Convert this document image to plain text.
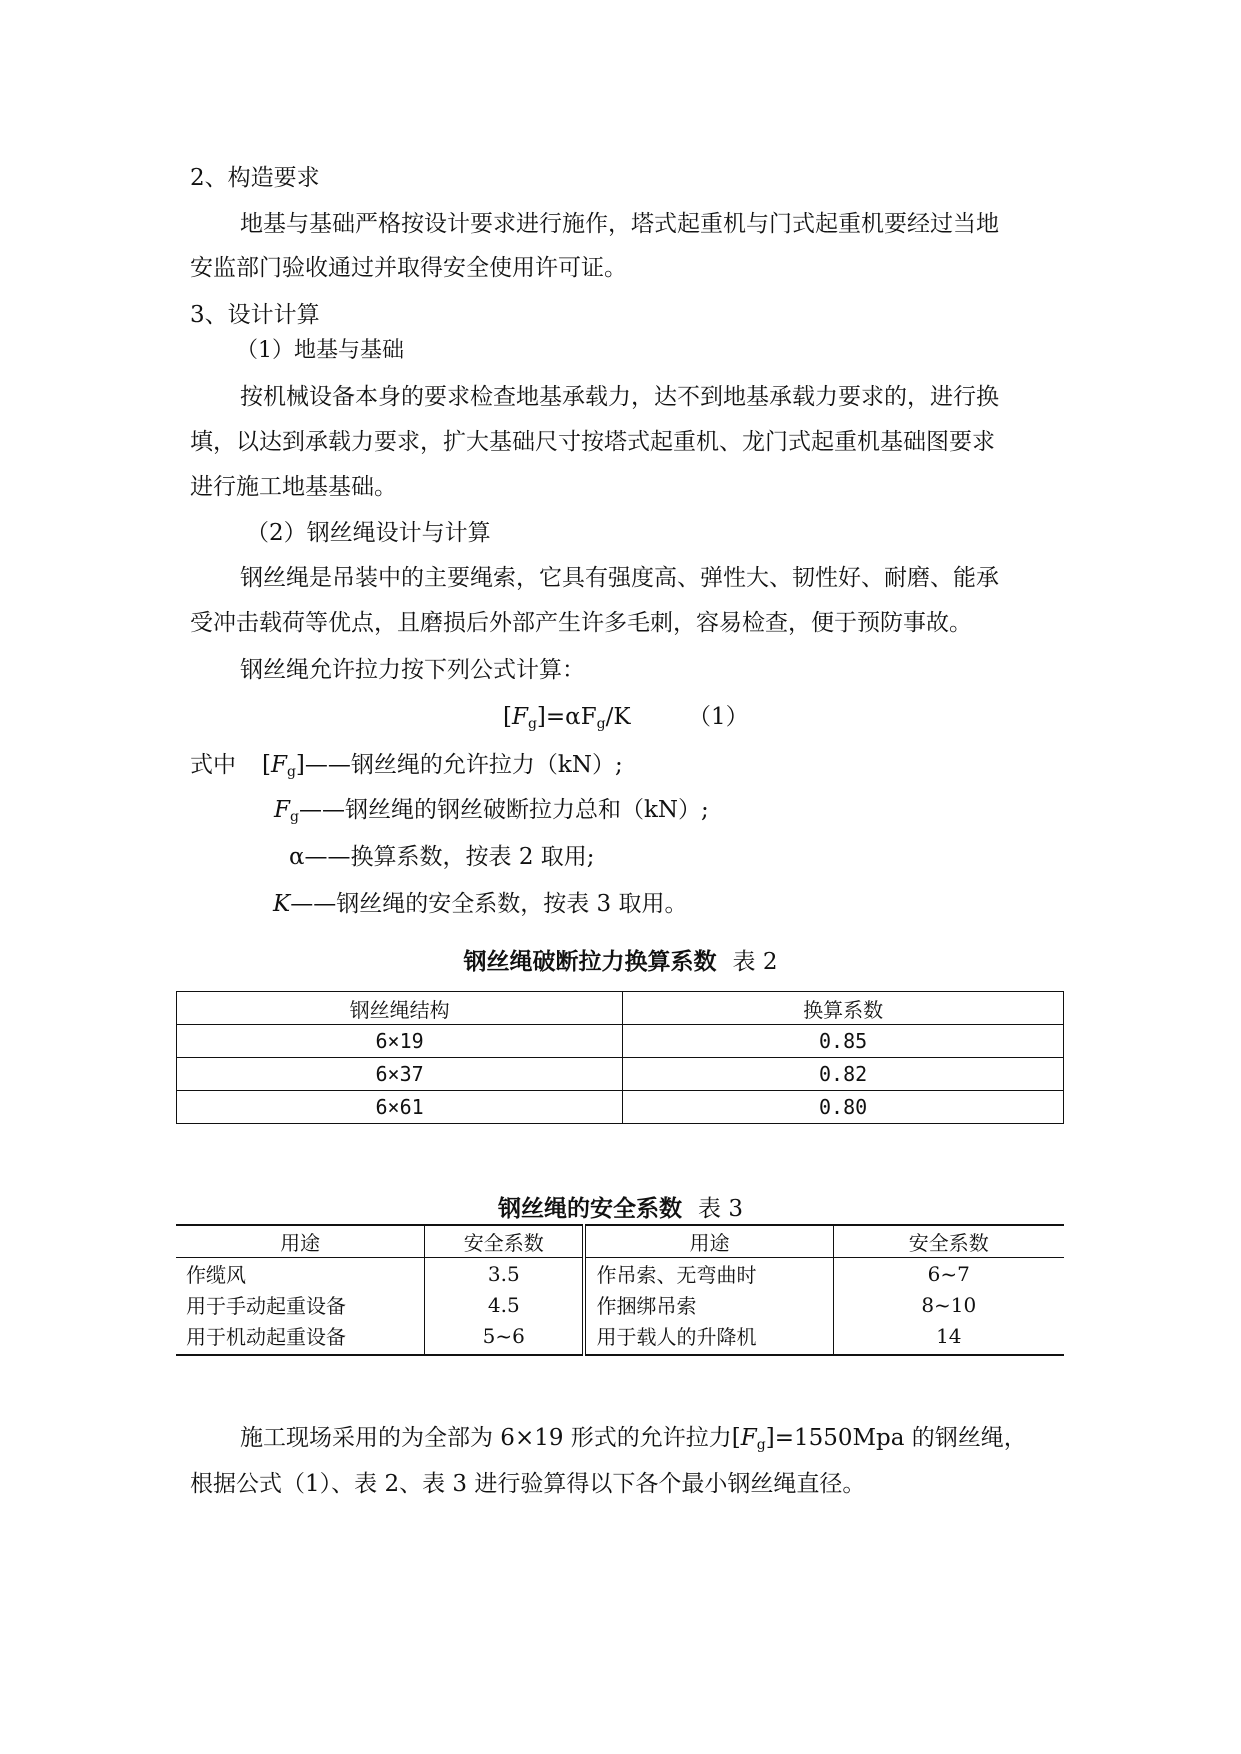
2、构造要求
地基与基础严格按设计要求进行施作，塔式起重机与门式起重机要经过当地
安监部门验收通过并取得安全使用许可证。
3、设计计算
（1）地基与基础
按机械设备本身的要求检查地基承载力，达不到地基承载力要求的，进行换
填，以达到承载力要求，扩大基础尺寸按塔式起重机、龙门式起重机基础图要求
进行施工地基基础。
（2）钢丝绳设计与计算
钢丝绳是吊装中的主要绳索，它具有强度高、弹性大、韧性好、耐磨、能承
受冲击载荷等优点，且磨损后外部产生许多毛刺，容易检查，便于预防事故。
钢丝绳允许拉力按下列公式计算：
$[F_g]=\alpha F_g/K$ （1）
式中 $[F_g]——$钢丝绳的允许拉力（kN）;
$F_g——$钢丝绳的钢丝破断拉力总和（kN）;
α——换算系数，按表 2 取用;
K——钢丝绳的安全系数，按表 3 取用。
钢丝绳破断拉力换算系数 表 2
钢丝绳结构	换算系数
6×19	0.85
6×37	0.82
6×61	0.80
钢丝绳的安全系数 表 3
用途	安全系数	用途	安全系数
作缆风	3.5	作吊索、无弯曲时	6~7
用于手动起重设备	4.5	作捆绑吊索	8~10
用于机动起重设备	5~6	用于载人的升降机	14
施工现场采用的为全部为 6×19 形式的允许拉力$[F_g]=1550Mpa$ 的钢丝绳，
根据公式（1）、表 2、表 3 进行验算得以下各个最小钢丝绳直径。
